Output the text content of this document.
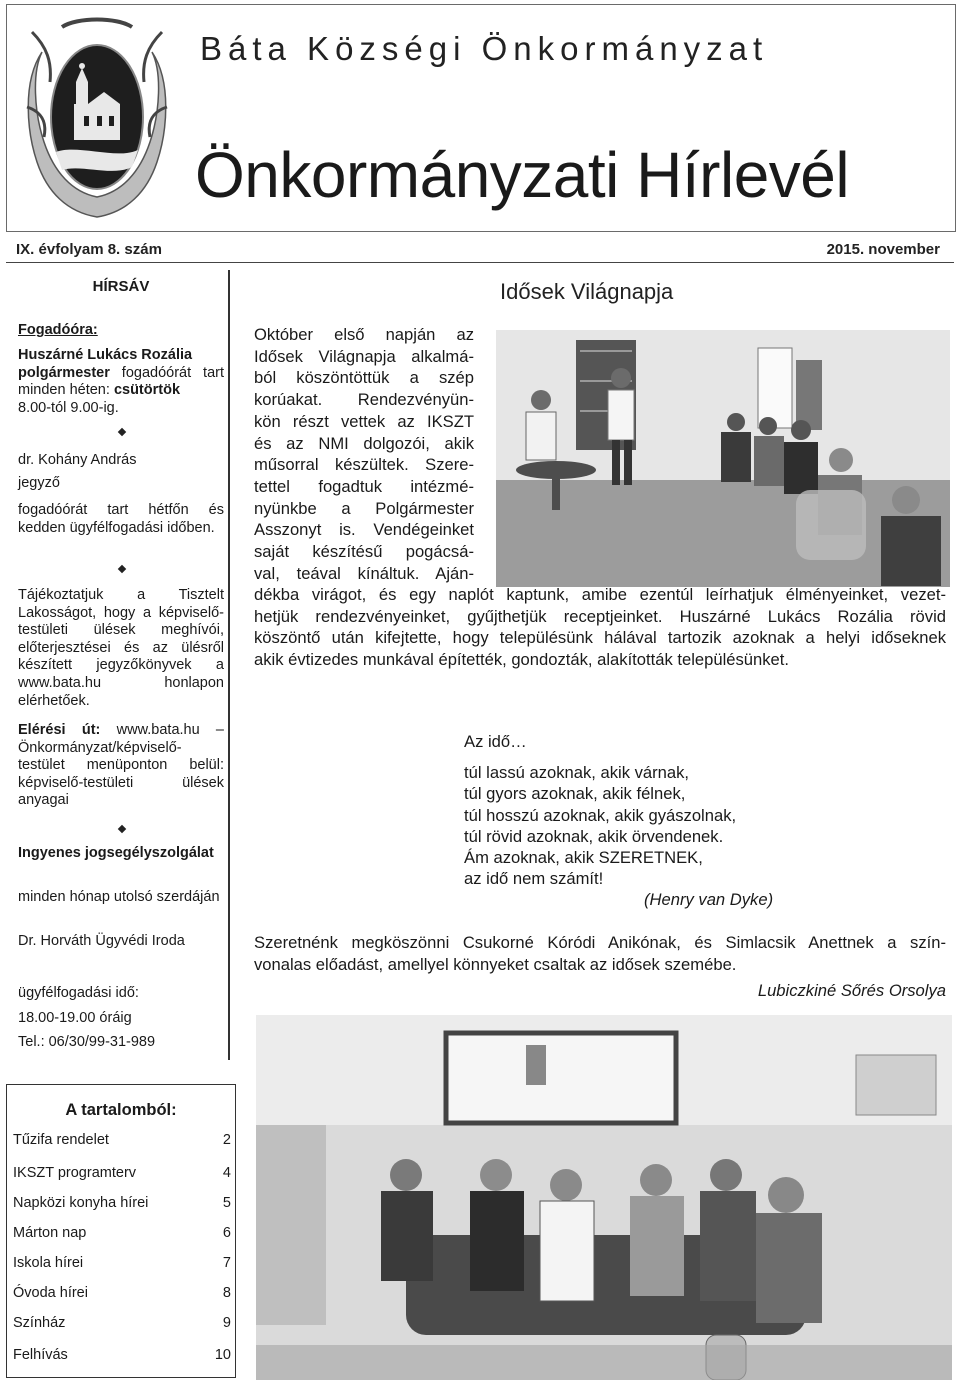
Báta Községi Önkormányzat
Önkormányzati Hírlevél
IX. évfolyam 8. szám	2015. november
HÍRSÁV
Fogadóóra:
Huszárné Lukács Rozália
polgármester fogadóórát tart minden héten: csütörtök
8.00-tól 9.00-ig.
dr. Kohány András
jegyző
fogadóórát tart hétfőn és kedden ügyfélfogadási időben.
Tájékoztatjuk a Tisztelt Lakosságot, hogy a képviselő-testületi ülések meghívói, előterjesztései és az ülésről készített jegyzőkönyvek a www.bata.hu honlapon elérhetőek.
Elérési út: www.bata.hu – Önkormányzat/képviselő-testület menüponton belül: képviselő-testületi ülések anyagai
Ingyenes jogsegélyszolgálat
minden hónap utolsó szerdáján
Dr. Horváth Ügyvédi Iroda
ügyfélfogadási idő:
18.00-19.00 óráig
Tel.: 06/30/99-31-989
Idősek Világnapja
Október első napján az
Idősek Világnapja alkalmá-
ból köszöntöttük a szép
korúakat. Rendezvényün-
kön részt vettek az IKSZT
és az NMI dolgozói, akik
műsorral készültek. Szere-
tettel fogadtuk intézmé-
nyünkbe a Polgármester
Asszonyt is. Vendégeinket
saját készítésű pogácsá-
val, teával kínáltuk. Aján-
dékba virágot, és egy naplót kaptunk, amibe ezentúl leírhatjuk élményeinket, vezet-
hetjük rendezvényeinket, gyűjthetjük receptjeinket. Huszárné Lukács Rozália rövid
köszöntő után kifejtette, hogy településünk hálával tartozik azoknak a helyi időseknek
akik évtizedes munkával építették, gondozták, alakították településünket.
Az idő…
túl lassú azoknak, akik várnak,
túl gyors azoknak, akik félnek,
túl hosszú azoknak, akik gyászolnak,
túl rövid azoknak, akik örvendenek.
Ám azoknak, akik SZERETNEK,
az idő nem számít!
(Henry van Dyke)
Szeretnénk megköszönni Csukorné Kóródi Anikónak, és Simlacsik Anettnek a szín-
vonalas előadást, amellyel könnyeket csaltak az idősek szemébe.
Lubiczkiné Sőrés Orsolya
A tartalomból:
Tűzifa rendelet	2
IKSZT programterv	4
Napközi konyha hírei	5
Márton nap	6
Iskola hírei	7
Óvoda hírei	8
Színház	9
Felhívás	10
